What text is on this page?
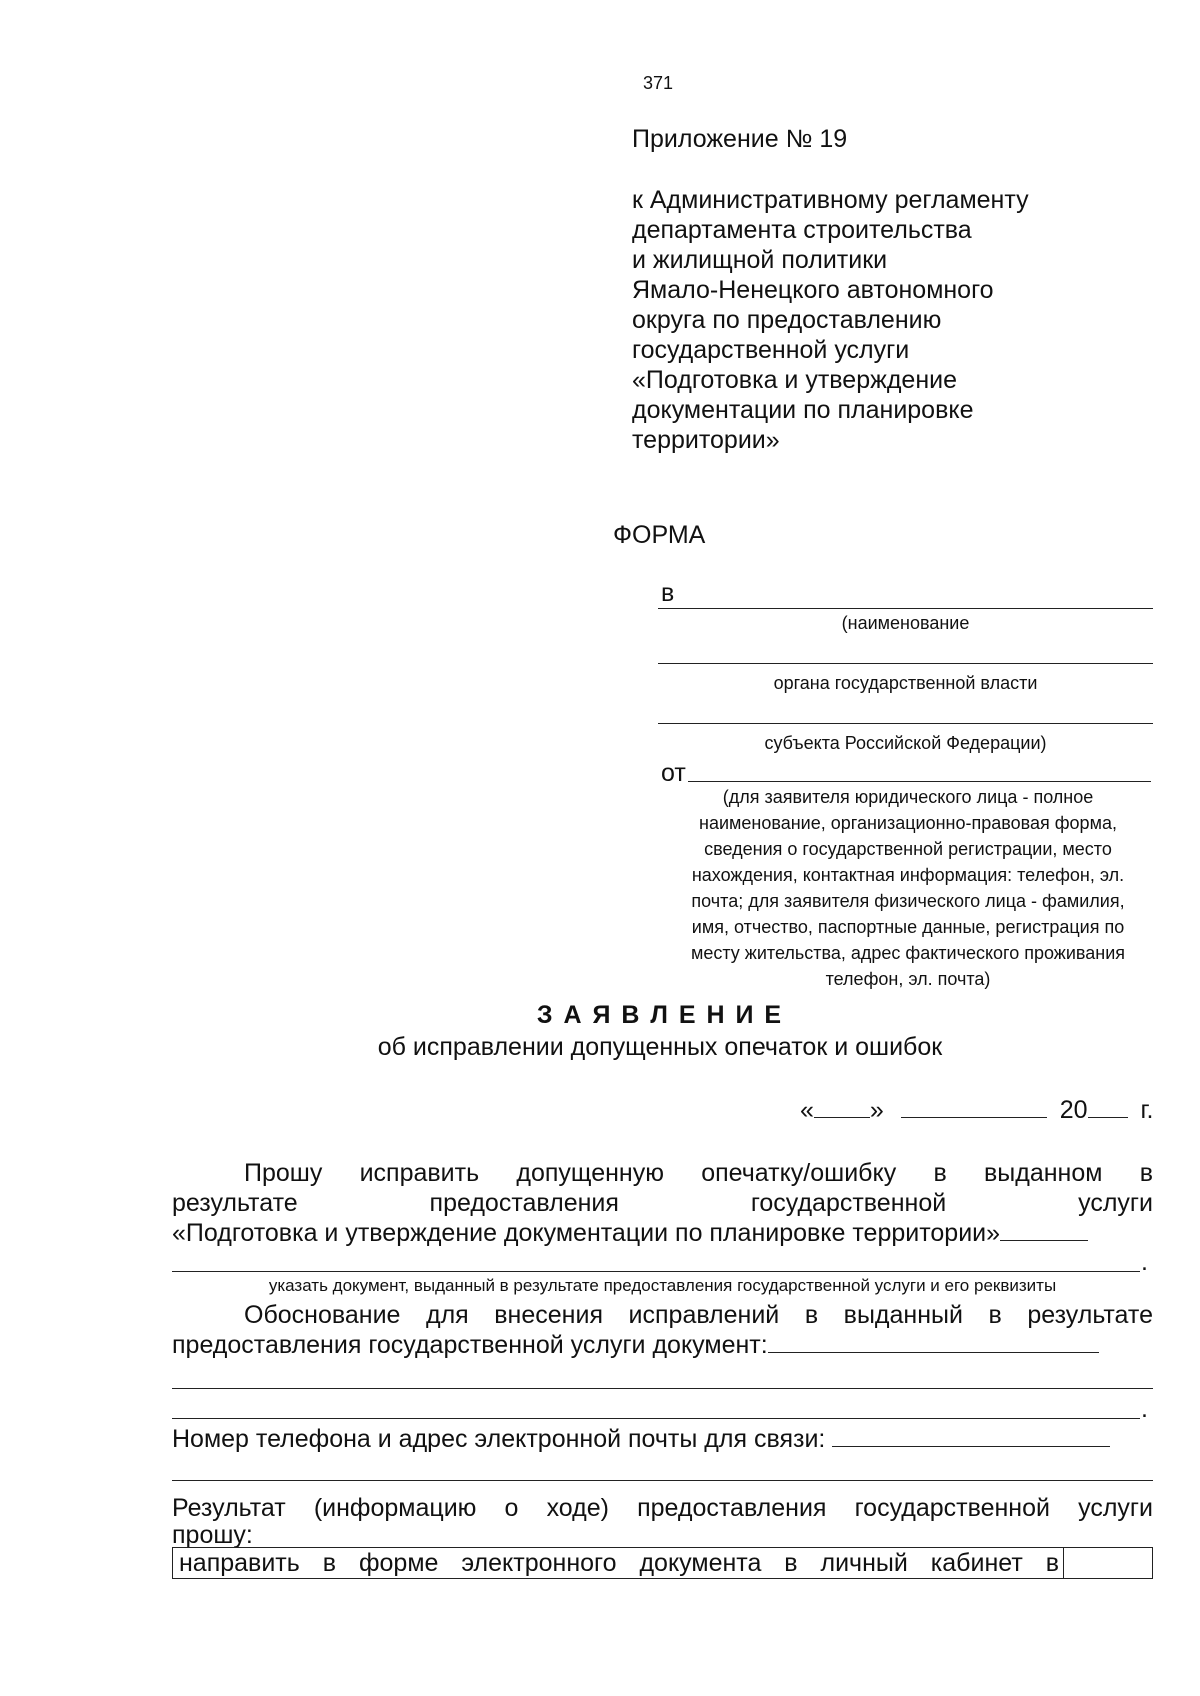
371
Приложение № 19
к Административному регламенту
департамента строительства
и жилищной политики
Ямало-Ненецкого автономного
округа по предоставлению
государственной услуги
«Подготовка и утверждение
документации по планировке
территории»
ФОРМА
в
(наименование
органа государственной власти
субъекта Российской Федерации)
от
(для заявителя юридического лица - полное
наименование, организационно-правовая форма,
сведения о государственной регистрации, место
нахождения, контактная информация: телефон, эл.
почта; для заявителя физического лица - фамилия,
имя, отчество, паспортные данные, регистрация по
месту жительства, адрес фактического проживания
телефон, эл. почта)
З А Я В Л Е Н И Е
об исправлении допущенных опечаток и ошибок
« »	20 г.
Прошу исправить допущенную опечатку/ошибку в выданном в
результате предоставления государственной услуги
«Подготовка и утверждение документации по планировке территории»
.
указать документ, выданный в результате предоставления государственной услуги и его реквизиты
Обоснование для внесения исправлений в выданный в результате
предоставления государственной услуги документ:
.
Номер телефона и адрес электронной почты для связи:
Результат (информацию о ходе) предоставления государственной услуги
прошу:
направить в форме электронного документа в личный кабинет в
